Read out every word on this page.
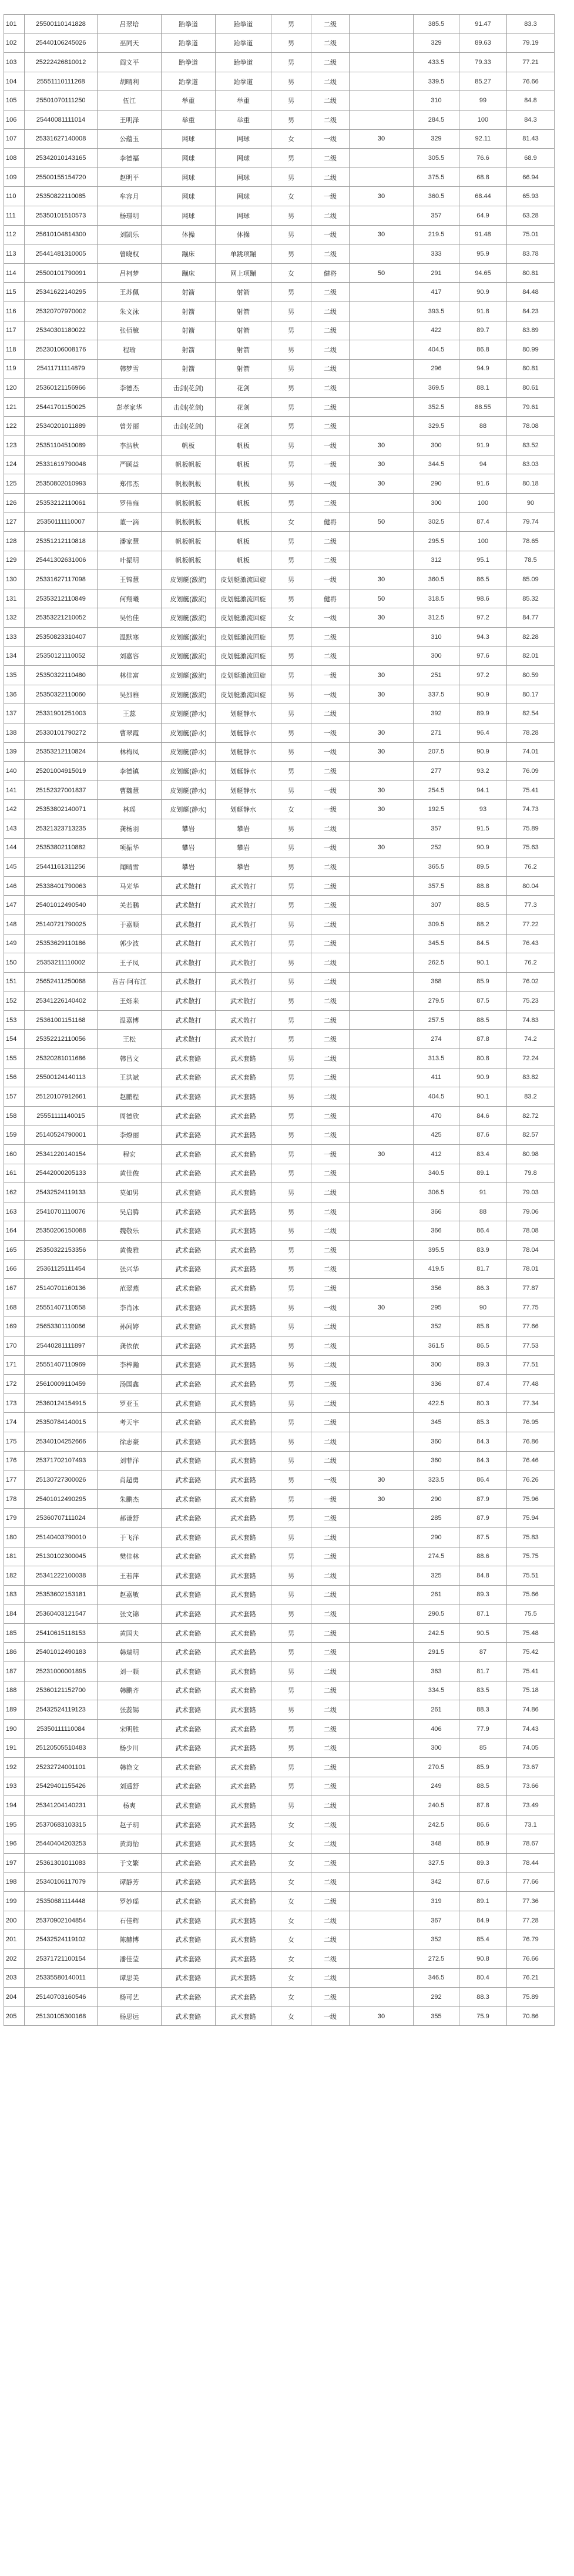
101	25500110141828	吕翠培	跆拳道	跆拳道	男	二级		385.5	91.47	83.3
102	25440106245026	巫同天	跆拳道	跆拳道	男	二级		329	89.63	79.19
103	25222426810012	阎文平	跆拳道	跆拳道	男	二级		433.5	79.33	77.21
104	25551110111268	胡晴利	跆拳道	跆拳道	男	二级		339.5	85.27	76.66
105	25501070111250	伍江	举重	举重	男	二级		310	99	84.8
106	25440081111014	王明泽	举重	举重	男	二级		284.5	100	84.3
107	25331627140008	公蕴玉	网球	网球	女	一级	30	329	92.11	81.43
108	25342010143165	李德福	网球	网球	男	二级		305.5	76.6	68.9
109	25500155154720	赵明平	网球	网球	男	二级		375.5	68.8	66.94
110	25350822110085	牟容月	网球	网球	女	一级	30	360.5	68.44	65.93
111	25350101510573	杨璟明	网球	网球	男	二级		357	64.9	63.28
112	25610104814300	刘凯乐	体操	体操	男	一级	30	219.5	91.48	75.01
113	25441481310005	曾晓权	蹦床	单跳项蹦	男	二级		333	95.9	83.78
114	25500101790091	吕柯梦	蹦床	网上项蹦	女	健将	50	291	94.65	80.81
115	25341622140295	王苏佩	射箭	射箭	男	二级		417	90.9	84.48
116	25320707970002	朱文泳	射箭	射箭	男	二级		393.5	91.8	84.23
117	25340301180022	张佰臆	射箭	射箭	男	二级		422	89.7	83.89
118	25230106008176	程瑜	射箭	射箭	男	二级		404.5	86.8	80.99
119	25411711114879	韩梦雪	射箭	射箭	男	二级		296	94.9	80.81
120	25360121156966	李德杰	击剑(花剑)	花剑	男	二级		369.5	88.1	80.61
121	25441701150025	彭孝家华	击剑(花剑)	花剑	男	二级		352.5	88.55	79.61
122	25340201011889	曾芳丽	击剑(花剑)	花剑	男	二级		329.5	88	78.08
123	25351104510089	李浩秋	帆板	帆板	男	一级	30	300	91.9	83.52
124	25331619790048	严顾益	帆板帆板	帆板	男	一级	30	344.5	94	83.03
125	25350802010993	郑伟杰	帆板帆板	帆板	男	一级	30	290	91.6	80.18
126	25353212110061	罗伟雍	帆板帆板	帆板	男	二级		300	100	90
127	25350111110007	董一滴	帆板帆板	帆板	女	健将	50	302.5	87.4	79.74
128	25351212110818	潘家慧	帆板帆板	帆板	男	二级		295.5	100	78.65
129	25441302631006	叶振明	帆板帆板	帆板	男	二级		312	95.1	78.5
130	25331627117098	王锦慧	皮划艇(激流)	皮划艇激流回旋	男	一级	30	360.5	86.5	85.09
131	25353212110849	何翔曦	皮划艇(激流)	皮划艇激流回旋	男	健将	50	318.5	98.6	85.32
132	25353221210052	吴怡佳	皮划艇(激流)	皮划艇激流回旋	女	一级	30	312.5	97.2	84.77
133	25350823310407	温默寒	皮划艇(激流)	皮划艇激流回旋	男	二级		310	94.3	82.28
134	25350121110052	刘嘉容	皮划艇(激流)	皮划艇激流回旋	男	二级		300	97.6	82.01
135	25350322110480	林佳富	皮划艇(激流)	皮划艇激流回旋	男	一级	30	251	97.2	80.59
136	25350322110060	吴烈雅	皮划艇(激流)	皮划艇激流回旋	男	一级	30	337.5	90.9	80.17
137	25331901251003	王蕊	皮划艇(静水)	划艇静水	男	二级		392	89.9	82.54
138	25330101790272	曹翠霞	皮划艇(静水)	划艇静水	男	一级	30	271	96.4	78.28
139	25353212110824	林梅凤	皮划艇(静水)	划艇静水	男	一级	30	207.5	90.9	74.01
140	25201004915019	李德镇	皮划艇(静水)	划艇静水	男	二级		277	93.2	76.09
141	25152327001837	曹魏慧	皮划艇(静水)	划艇静水	男	一级	30	254.5	94.1	75.41
142	25353802140071	林瑶	皮划艇(静水)	划艇静水	女	一级	30	192.5	93	74.73
143	25321323713235	龚杨羽	攀岩	攀岩	男	二级		357	91.5	75.89
144	25353802110882	项振华	攀岩	攀岩	男	一级	30	252	90.9	75.63
145	25441161311256	闻晴雪	攀岩	攀岩	男	二级		365.5	89.5	76.2
146	25338401790063	马光华	武术散打	武术散打	男	二级		357.5	88.8	80.04
147	25401012490540	关若鹏	武术散打	武术散打	男	二级		307	88.5	77.3
148	25140721790025	于嘉顺	武术散打	武术散打	男	二级		309.5	88.2	77.22
149	25353629110186	郭少波	武术散打	武术散打	男	二级		345.5	84.5	76.43
150	25353211110002	王子凤	武术散打	武术散打	男	二级		262.5	90.1	76.2
151	25652411250068	吾吉·阿布江	武术散打	武术散打	男	二级		368	85.9	76.02
152	25341226140402	王烁来	武术散打	武术散打	男	二级		279.5	87.5	75.23
153	25361001151168	温嘉博	武术散打	武术散打	男	二级		257.5	88.5	74.83
154	25352212110056	王松	武术散打	武术散打	男	二级		274	87.8	74.2
155	25320281011686	韩昌文	武术套路	武术套路	男	二级		313.5	80.8	72.24
156	25500124140113	王洪斌	武术套路	武术套路	男	二级		411	90.9	83.82
157	25120107912661	赵鹏程	武术套路	武术套路	男	二级		404.5	90.1	83.2
158	25551111140015	周德欣	武术套路	武术套路	男	二级		470	84.6	82.72
159	25140524790001	李燎丽	武术套路	武术套路	男	二级		425	87.6	82.57
160	25341220140154	程宏	武术套路	武术套路	男	一级	30	412	83.4	80.98
161	25442000205133	黄佳俊	武术套路	武术套路	男	二级		340.5	89.1	79.8
162	25432524119133	莫如男	武术套路	武术套路	男	二级		306.5	91	79.03
163	25410701110076	吴启腾	武术套路	武术套路	男	二级		366	88	79.06
164	25350206150088	魏敬乐	武术套路	武术套路	男	二级		366	86.4	78.08
165	25350322153356	黄俊雅	武术套路	武术套路	男	二级		395.5	83.9	78.04
166	25361125111454	张兴华	武术套路	武术套路	男	二级		419.5	81.7	78.01
167	25140701160136	范翠燕	武术套路	武术套路	男	二级		356	86.3	77.87
168	25551407110558	李肖冰	武术套路	武术套路	男	一级	30	295	90	77.75
169	25653301110066	孙闻婷	武术套路	武术套路	男	二级		352	85.8	77.66
170	25440281111897	龚依依	武术套路	武术套路	男	二级		361.5	86.5	77.53
171	25551407110969	李梓瀚	武术套路	武术套路	男	二级		300	89.3	77.51
172	25610009110459	汤国鑫	武术套路	武术套路	男	二级		336	87.4	77.48
173	25360124154915	罗亚玉	武术套路	武术套路	男	二级		422.5	80.3	77.34
174	25350784140015	考天宇	武术套路	武术套路	男	二级		345	85.3	76.95
175	25340104252666	徐志豪	武术套路	武术套路	男	二级		360	84.3	76.86
176	25371702107493	刘菲洋	武术套路	武术套路	男	二级		360	84.3	76.46
177	25130727300026	肖超勇	武术套路	武术套路	男	一级	30	323.5	86.4	76.26
178	25401012490295	朱鹏杰	武术套路	武术套路	男	一级	30	290	87.9	75.96
179	25360707111024	郝谦舒	武术套路	武术套路	男	二级		285	87.9	75.94
180	25140403790010	于飞洋	武术套路	武术套路	男	二级		290	87.5	75.83
181	25130102300045	樊佳林	武术套路	武术套路	男	二级		274.5	88.6	75.75
182	25341222100038	王若萍	武术套路	武术套路	男	二级		325	84.8	75.51
183	25353602153181	赵嘉敏	武术套路	武术套路	男	二级		261	89.3	75.66
184	25360403121547	张文锦	武术套路	武术套路	男	二级		290.5	87.1	75.5
185	25410615118153	黄国夫	武术套路	武术套路	男	二级		242.5	90.5	75.48
186	25401012490183	韩瑞明	武术套路	武术套路	男	二级		291.5	87	75.42
187	25231000001895	刘一顿	武术套路	武术套路	男	二级		363	81.7	75.41
188	25360121152700	韩鹏齐	武术套路	武术套路	男	二级		334.5	83.5	75.18
189	25432524119123	张蕊锡	武术套路	武术套路	男	二级		261	88.3	74.86
190	25350111110084	宋明胜	武术套路	武术套路	男	二级		406	77.9	74.43
191	25120505510483	杨少川	武术套路	武术套路	男	二级		300	85	74.05
192	25232724001101	韩艳文	武术套路	武术套路	男	二级		270.5	85.9	73.67
193	25429401155426	刘遥舒	武术套路	武术套路	男	二级		249	88.5	73.66
194	25341204140231	杨爽	武术套路	武术套路	男	二级		240.5	87.8	73.49
195	25370683103315	赵子玥	武术套路	武术套路	女	二级		242.5	86.6	73.1
196	25440404203253	黄海怡	武术套路	武术套路	女	二级		348	86.9	78.67
197	25361301011083	于文繁	武术套路	武术套路	女	二级		327.5	89.3	78.44
198	25340106117079	谭静芳	武术套路	武术套路	女	二级		342	87.6	77.66
199	25350681114448	罗妙瑶	武术套路	武术套路	女	二级		319	89.1	77.36
200	25370902104854	石佳辉	武术套路	武术套路	女	二级		367	84.9	77.28
201	25432524119102	陈赫博	武术套路	武术套路	女	二级		352	85.4	76.79
202	25371721100154	潘佳莹	武术套路	武术套路	女	二级		272.5	90.8	76.66
203	25335580140011	谭思美	武术套路	武术套路	女	二级		346.5	80.4	76.21
204	25140703160546	杨可艺	武术套路	武术套路	女	二级		292	88.3	75.89
205	25130105300168	杨思远	武术套路	武术套路	女	一级	30	355	75.9	70.86
